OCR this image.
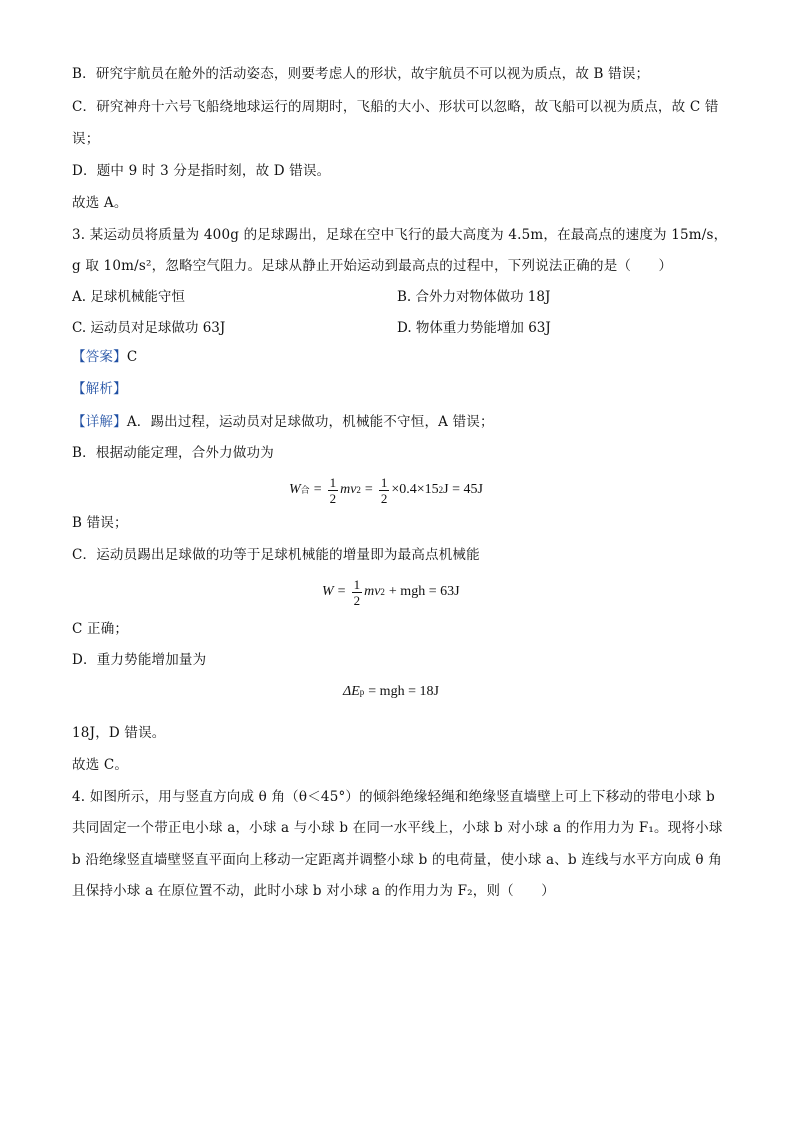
B．研究宇航员在舱外的活动姿态，则要考虑人的形状，故宇航员不可以视为质点，故 B 错误；
C．研究神舟十六号飞船绕地球运行的周期时，飞船的大小、形状可以忽略，故飞船可以视为质点，故 C 错
误；
D．题中 9 时 3 分是指时刻，故 D 错误。
故选 A。
3. 某运动员将质量为 400g 的足球踢出，足球在空中飞行的最大高度为 4.5m，在最高点的速度为 15m/s，
g 取 10m/s²，忽略空气阻力。足球从静止开始运动到最高点的过程中，下列说法正确的是（　　）
A. 足球机械能守恒	B. 合外力对物体做功 18J
C. 运动员对足球做功 63J	D. 物体重力势能增加 63J
【答案】C
【解析】
【详解】A．踢出过程，运动员对足球做功，机械能不守恒，A 错误；
B．根据动能定理，合外力做功为
W 合 = $\frac{1}{2}$ mv $2 = \frac{1}{2} \times 0.4\times 15$ 2 J = 45J
B 错误；
C．运动员踢出足球做的功等于足球机械能的增量即为最高点机械能
$W = \frac{1}{2}$ mv 2 + mgh = 63J
C 正确；
D．重力势能增加量为
ΔE p = mgh = 18J
18J，D 错误。
故选 C。
4. 如图所示，用与竖直方向成 θ 角（θ＜45°）的倾斜绝缘轻绳和绝缘竖直墙壁上可上下移动的带电小球 b
共同固定一个带正电小球 a，小球 a 与小球 b 在同一水平线上，小球 b 对小球 a 的作用力为 F₁。现将小球
b 沿绝缘竖直墙壁竖直平面向上移动一定距离并调整小球 b 的电荷量，使小球 a、b 连线与水平方向成 θ 角
且保持小球 a 在原位置不动，此时小球 b 对小球 a 的作用力为 F₂，则（　　）
